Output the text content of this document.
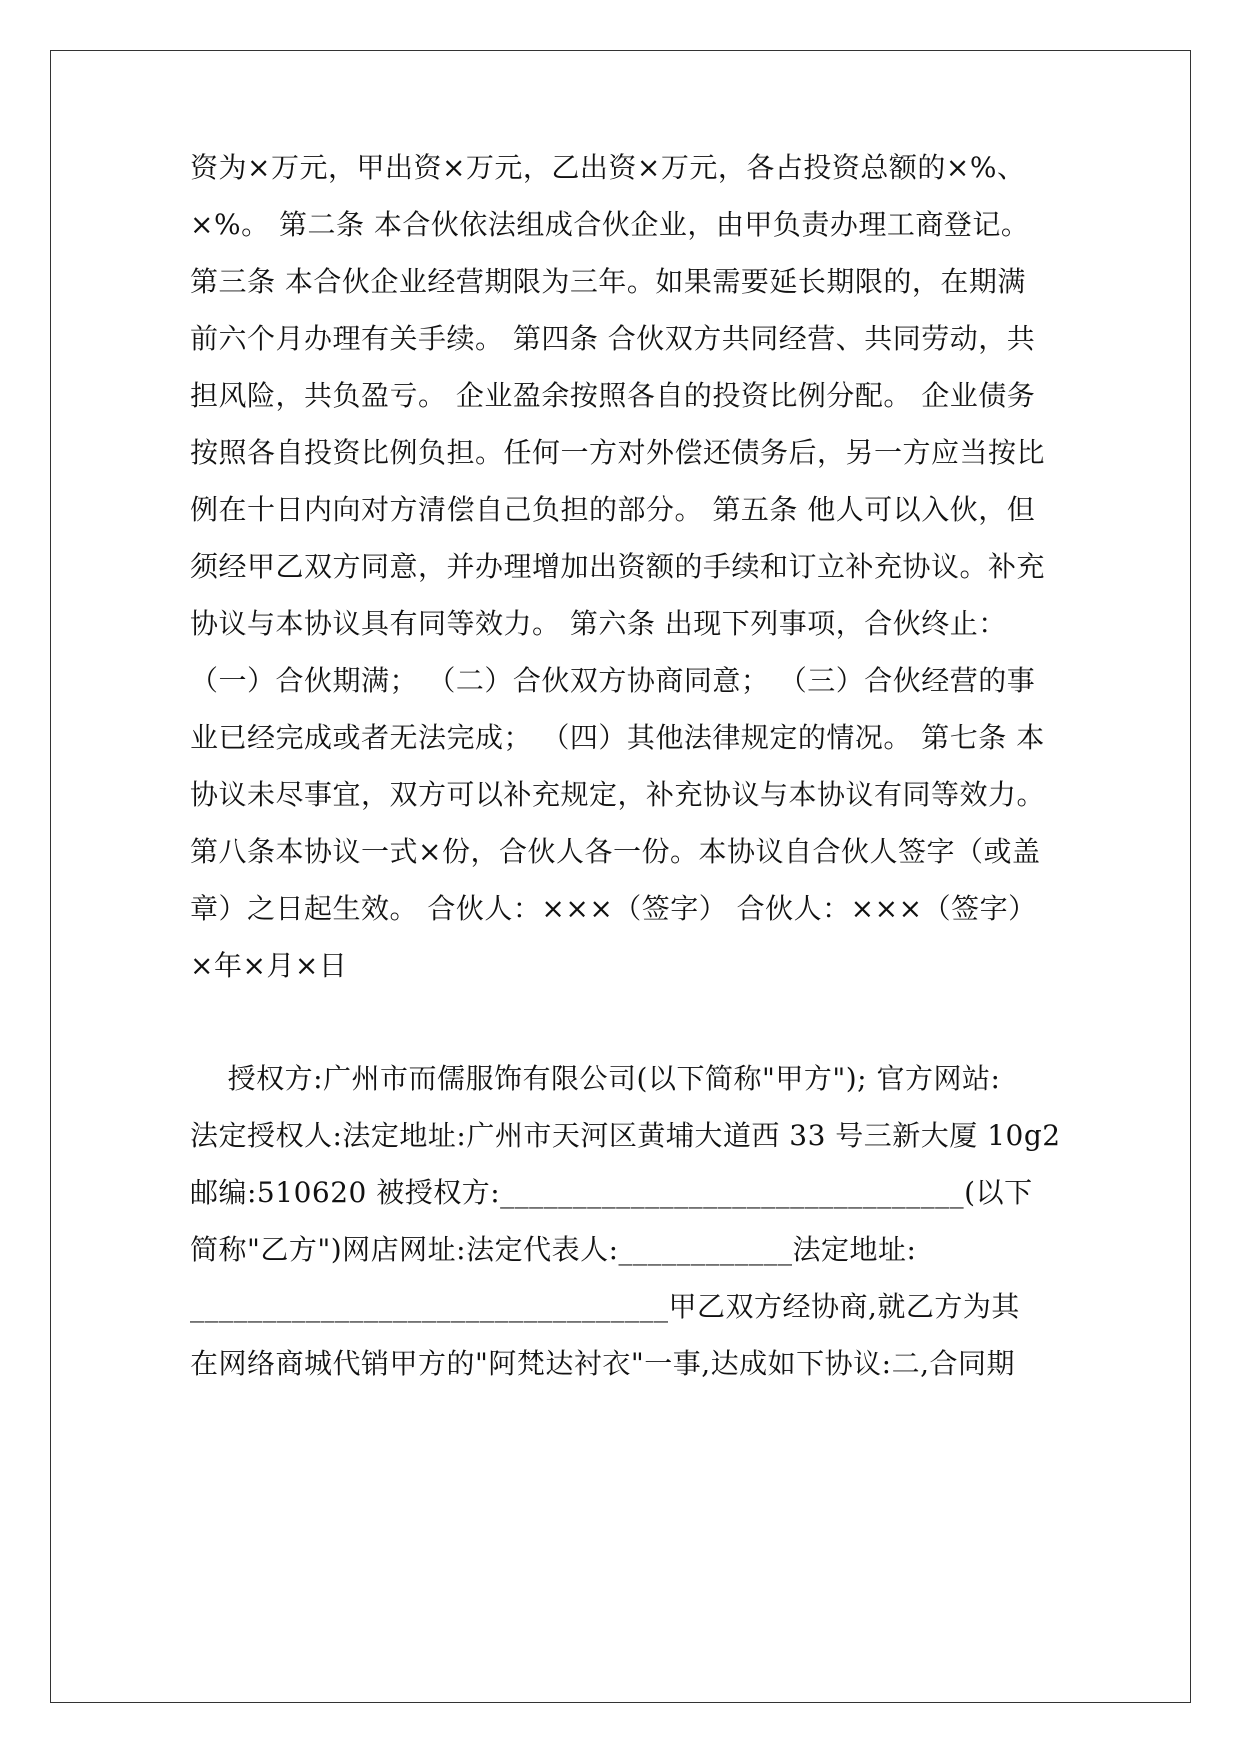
资为×万元，甲出资×万元，乙出资×万元，各占投资总额的×%、
×%。 第二条 本合伙依法组成合伙企业，由甲负责办理工商登记。
第三条 本合伙企业经营期限为三年。如果需要延长期限的，在期满
前六个月办理有关手续。 第四条 合伙双方共同经营、共同劳动，共
担风险，共负盈亏。 企业盈余按照各自的投资比例分配。 企业债务
按照各自投资比例负担。任何一方对外偿还债务后，另一方应当按比
例在十日内向对方清偿自己负担的部分。 第五条 他人可以入伙，但
须经甲乙双方同意，并办理增加出资额的手续和订立补充协议。补充
协议与本协议具有同等效力。 第六条 出现下列事项，合伙终止：
（一）合伙期满； （二）合伙双方协商同意； （三）合伙经营的事
业已经完成或者无法完成； （四）其他法律规定的情况。 第七条 本
协议未尽事宜，双方可以补充规定，补充协议与本协议有同等效力。
第八条本协议一式×份，合伙人各一份。本协议自合伙人签字（或盖
章）之日起生效。 合伙人：×××（签字） 合伙人：×××（签字）
×年×月×日
授权方:广州市而儒服饰有限公司(以下简称"甲方"); 官方网站:
法定授权人:法定地址:广州市天河区黄埔大道西 33 号三新大厦 10g2
邮编:510620 被授权方:________________________________(以下
简称"乙方")网店网址:法定代表人:____________法定地址:
_________________________________甲乙双方经协商,就乙方为其
在网络商城代销甲方的"阿梵达衬衣"一事,达成如下协议:二,合同期
